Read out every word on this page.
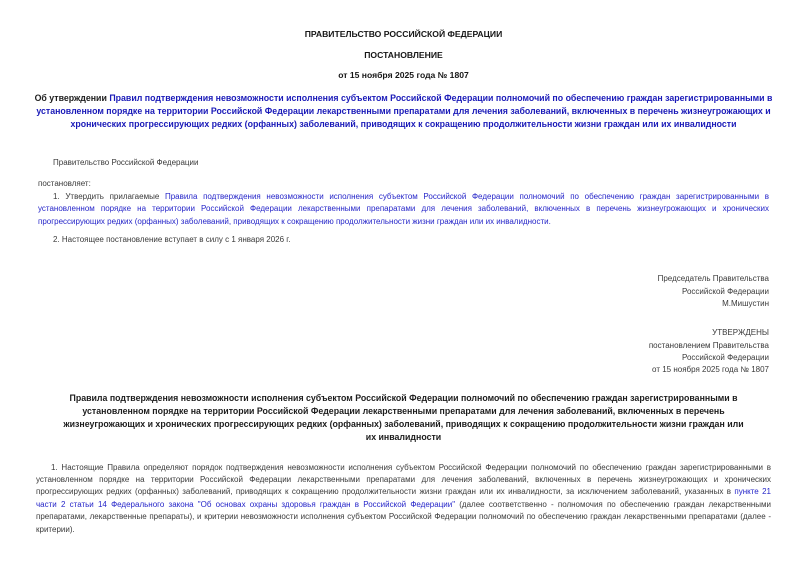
ПРАВИТЕЛЬСТВО РОССИЙСКОЙ ФЕДЕРАЦИИ

ПОСТАНОВЛЕНИЕ

от 15 ноября 2025 года № 1807

Об утверждении Правил подтверждения невозможности исполнения субъектом Российской Федерации полномочий по обеспечению граждан зарегистрированными в установленном порядке на территории Российской Федерации лекарственными препаратами для лечения заболеваний, включенных в перечень жизнеугрожающих и хронических прогрессирующих редких (орфанных) заболеваний, приводящих к сокращению продолжительности жизни граждан или их инвалидности

Правительство Российской Федерации

постановляет:

1. Утвердить прилагаемые Правила подтверждения невозможности исполнения субъектом Российской Федерации полномочий по обеспечению граждан зарегистрированными в установленном порядке на территории Российской Федерации лекарственными препаратами для лечения заболеваний, включенных в перечень жизнеугрожающих и хронических прогрессирующих редких (орфанных) заболеваний, приводящих к сокращению продолжительности жизни граждан или их инвалидности.

2. Настоящее постановление вступает в силу с 1 января 2026 г.

Председатель Правительства

Российской Федерации

М.Мишустин

УТВЕРЖДЕНЫ

постановлением Правительства

Российской Федерации

от 15 ноября 2025 года № 1807

Правила подтверждения невозможности исполнения субъектом Российской Федерации полномочий по обеспечению граждан зарегистрированными в установленном порядке на территории Российской Федерации лекарственными препаратами для лечения заболеваний, включенных в перечень жизнеугрожающих и хронических прогрессирующих редких (орфанных) заболеваний, приводящих к сокращению продолжительности жизни граждан или их инвалидности

1. Настоящие Правила определяют порядок подтверждения невозможности исполнения субъектом Российской Федерации полномочий по обеспечению граждан зарегистрированными в установленном порядке на территории Российской Федерации лекарственными препаратами для лечения заболеваний, включенных в перечень жизнеугрожающих и хронических прогрессирующих редких (орфанных) заболеваний, приводящих к сокращению продолжительности жизни граждан или их инвалидности, за исключением заболеваний, указанных в пункте 21 части 2 статьи 14 Федерального закона "Об основах охраны здоровья граждан в Российской Федерации" (далее соответственно - полномочия по обеспечению граждан лекарственными препаратами, лекарственные препараты), и критерии невозможности исполнения субъектом Российской Федерации полномочий по обеспечению граждан лекарственными препаратами (далее - критерии).
